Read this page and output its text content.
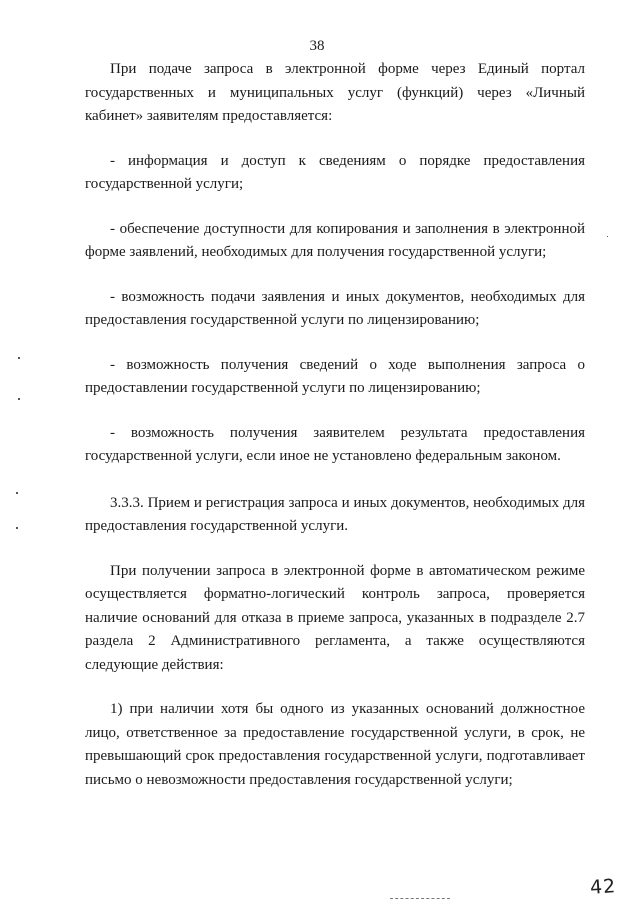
38

При подаче запроса в электронной форме через Единый портал государственных и муниципальных услуг (функций) через «Личный кабинет» заявителям предоставляется:

- информация и доступ к сведениям о порядке предоставления государственной услуги;

- обеспечение доступности для копирования и заполнения в электронной форме заявлений, необходимых для получения государственной услуги;

- возможность подачи заявления и иных документов, необходимых для предоставления государственной услуги по лицензированию;

- возможность получения сведений о ходе выполнения запроса о предоставлении государственной услуги по лицензированию;

- возможность получения заявителем результата предоставления государственной услуги, если иное не установлено федеральным законом.

3.3.3. Прием и регистрация запроса и иных документов, необходимых для предоставления государственной услуги.

При получении запроса в электронной форме в автоматическом режиме осуществляется форматно-логический контроль запроса, проверяется наличие оснований для отказа в приеме запроса, указанных в подразделе 2.7 раздела 2 Административного регламента, а также осуществляются следующие действия:

1) при наличии хотя бы одного из указанных оснований должностное лицо, ответственное за предоставление государственной услуги, в срок, не превышающий срок предоставления государственной услуги, подготавливает письмо о невозможности предоставления государственной услуги;

42
